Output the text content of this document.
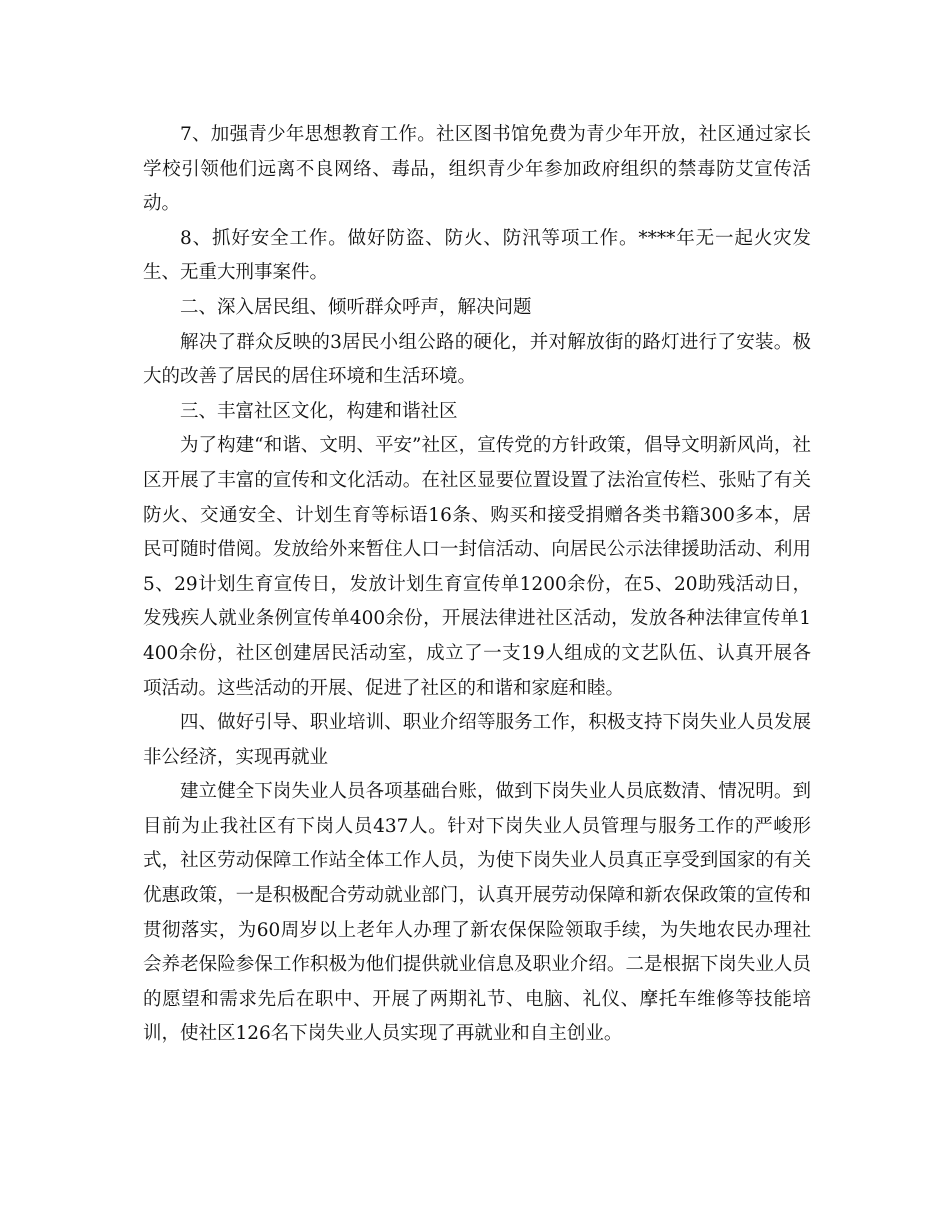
7、加强青少年思想教育工作。社区图书馆免费为青少年开放，社区通过家长学校引领他们远离不良网络、毒品，组织青少年参加政府组织的禁毒防艾宣传活动。

8、抓好安全工作。做好防盗、防火、防汛等项工作。****年无一起火灾发生、无重大刑事案件。

二、深入居民组、倾听群众呼声，解决问题

解决了群众反映的3居民小组公路的硬化，并对解放街的路灯进行了安装。极大的改善了居民的居住环境和生活环境。

三、丰富社区文化，构建和谐社区

为了构建“和谐、文明、平安”社区，宣传党的方针政策，倡导文明新风尚，社区开展了丰富的宣传和文化活动。在社区显要位置设置了法治宣传栏、张贴了有关防火、交通安全、计划生育等标语16条、购买和接受捐赠各类书籍300多本，居民可随时借阅。发放给外来暂住人口一封信活动、向居民公示法律援助活动、利用5、29计划生育宣传日，发放计划生育宣传单1200余份，在5、20助残活动日，发残疾人就业条例宣传单400余份，开展法律进社区活动，发放各种法律宣传单1400余份，社区创建居民活动室，成立了一支19人组成的文艺队伍、认真开展各项活动。这些活动的开展、促进了社区的和谐和家庭和睦。

四、做好引导、职业培训、职业介绍等服务工作，积极支持下岗失业人员发展非公经济，实现再就业

建立健全下岗失业人员各项基础台账，做到下岗失业人员底数清、情况明。到目前为止我社区有下岗人员437人。针对下岗失业人员管理与服务工作的严峻形式，社区劳动保障工作站全体工作人员，为使下岗失业人员真正享受到国家的有关优惠政策，一是积极配合劳动就业部门，认真开展劳动保障和新农保政策的宣传和贯彻落实，为60周岁以上老年人办理了新农保保险领取手续，为失地农民办理社会养老保险参保工作积极为他们提供就业信息及职业介绍。二是根据下岗失业人员的愿望和需求先后在职中、开展了两期礼节、电脑、礼仪、摩托车维修等技能培训，使社区126名下岗失业人员实现了再就业和自主创业。
